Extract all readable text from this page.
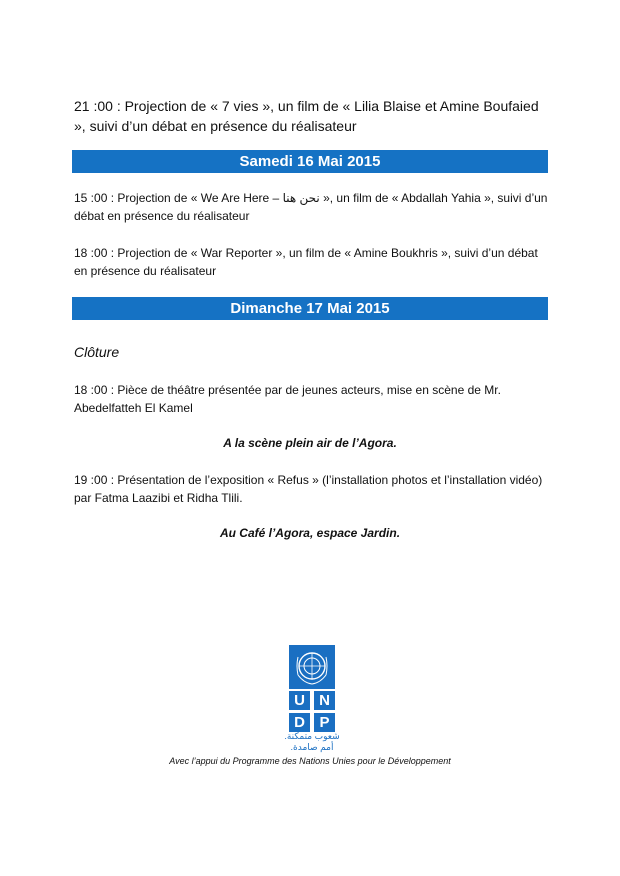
21 :00 : Projection de « 7 vies », un film de « Lilia Blaise et Amine Boufaied », suivi d’un débat en présence du réalisateur
Samedi 16 Mai 2015
15 :00 : Projection de « We Are Here – نحن هنا », un film de « Abdallah Yahia », suivi d’un débat en présence du réalisateur
18 :00 : Projection de « War Reporter », un film de « Amine Boukhris », suivi d’un débat en présence du réalisateur
Dimanche 17 Mai 2015
Clôture
18 :00 : Pièce de théâtre présentée par de jeunes acteurs, mise en scène de Mr. Abedelfatteh El Kamel
A la scène plein air de l’Agora.
19 :00 : Présentation de l’exposition « Refus » (l’installation photos et l’installation vidéo) par Fatma Laazibi et Ridha Tlili.
Au Café l’Agora, espace Jardin.
U N
D P
شعوب متمكنة.
أمم صامدة.
Avec l’appui du Programme des Nations Unies pour le Développement
